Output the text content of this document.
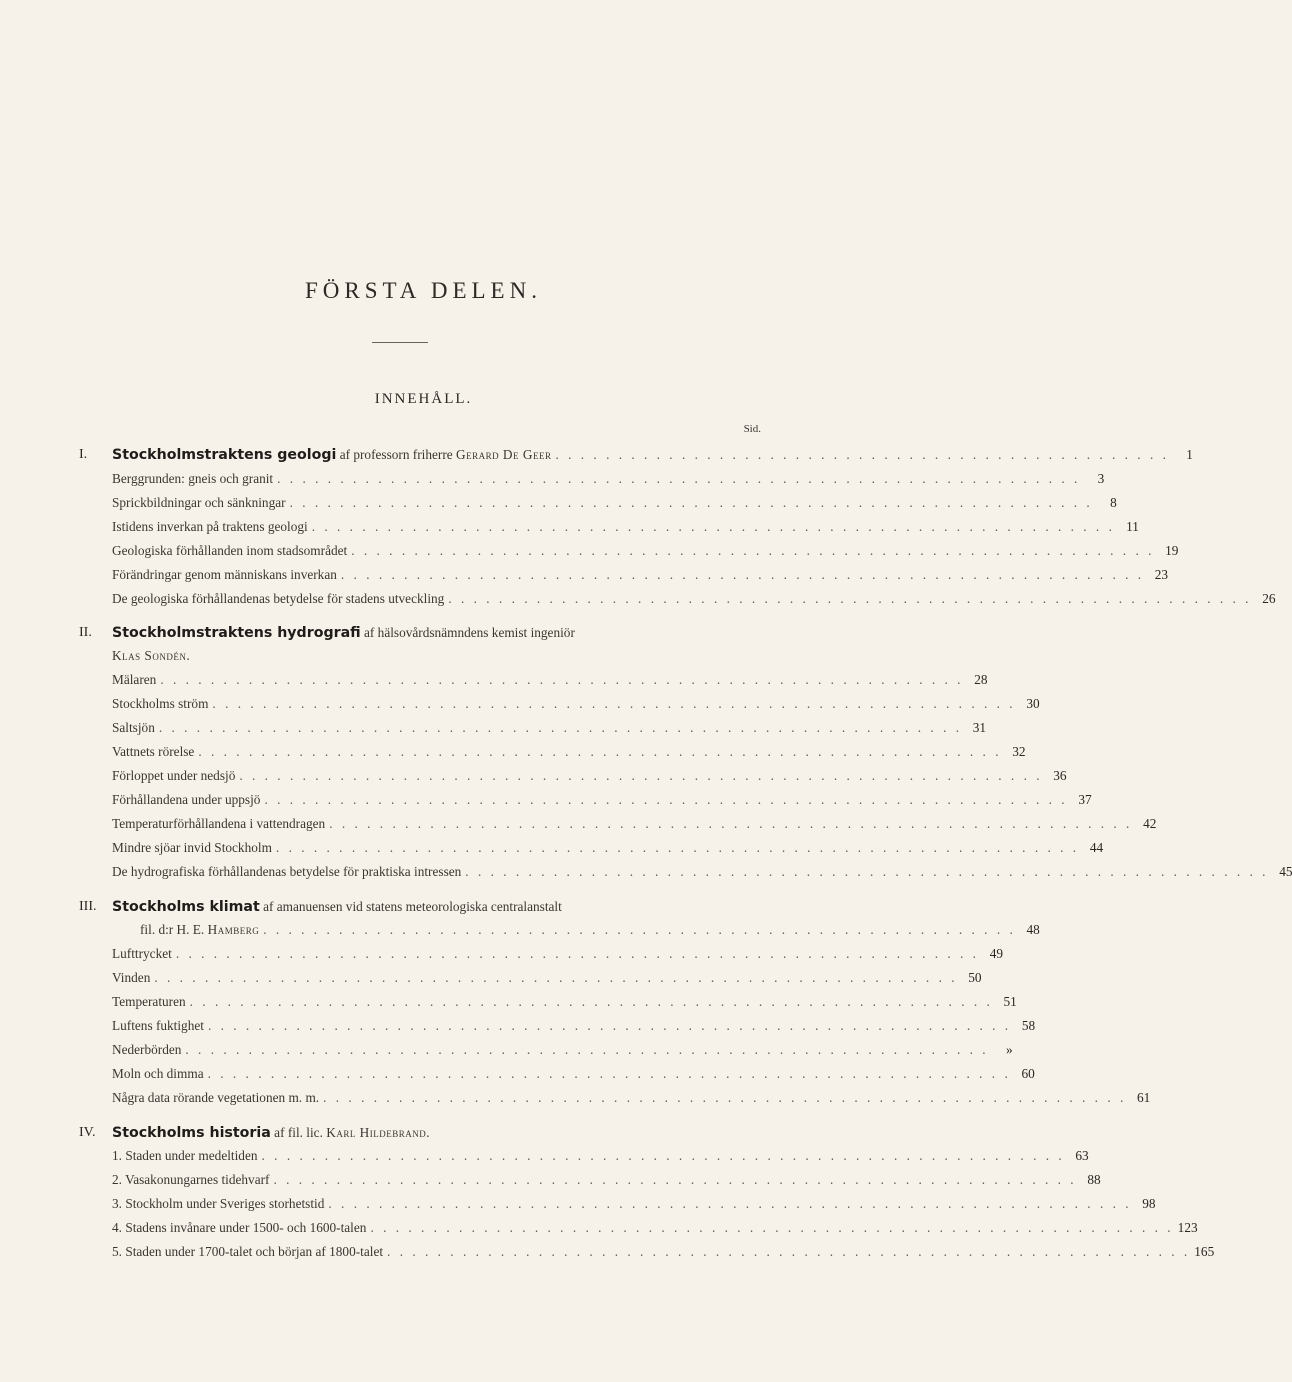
FÖRSTA DELEN.
INNEHÅLL.
Sid.
I.	Stockholmstraktens geologi af professorn friherre Gerard De Geer . . . . . . . . . . . . . . . . . . . . . . . . . . . . . . . . . . . . . . . . . . . . . . . . .	1
Berggrunden: gneis och granit . . . . . . . . . . . . . . . . . . . . . . . . . . . . . . . . . . . . . . . . . . . . . . . . . . . . . . . . . . . . . . . .	3
Sprickbildningar och sänkningar . . . . . . . . . . . . . . . . . . . . . . . . . . . . . . . . . . . . . . . . . . . . . . . . . . . . . . . . . . . . . . . .	8
Istidens inverkan på traktens geologi . . . . . . . . . . . . . . . . . . . . . . . . . . . . . . . . . . . . . . . . . . . . . . . . . . . . . . . . . . . . . . . . 11
Geologiska förhållanden inom stadsområdet . . . . . . . . . . . . . . . . . . . . . . . . . . . . . . . . . . . . . . . . . . . . . . . . . . . . . . . . . . . . . . . . 19
Förändringar genom människans inverkan . . . . . . . . . . . . . . . . . . . . . . . . . . . . . . . . . . . . . . . . . . . . . . . . . . . . . . . . . . . . . . . . 23
De geologiska förhållandenas betydelse för stadens utveckling . . . . . . . . . . . . . . . . . . . . . . . . . . . . . . . . . . . . . . . . . . . . . . . . . . . . . . . . . . . . . . . . 26
II.	Stockholmstraktens hydrografi af hälsovårdsnämndens kemist ingeniör
Klas Sondén.
Mälaren . . . . . . . . . . . . . . . . . . . . . . . . . . . . . . . . . . . . . . . . . . . . . . . . . . . . . . . . . . . . . . . . 28
Stockholms ström . . . . . . . . . . . . . . . . . . . . . . . . . . . . . . . . . . . . . . . . . . . . . . . . . . . . . . . . . . . . . . . . 30
Saltsjön . . . . . . . . . . . . . . . . . . . . . . . . . . . . . . . . . . . . . . . . . . . . . . . . . . . . . . . . . . . . . . . . 31
Vattnets rörelse . . . . . . . . . . . . . . . . . . . . . . . . . . . . . . . . . . . . . . . . . . . . . . . . . . . . . . . . . . . . . . . . 32
Förloppet under nedsjö . . . . . . . . . . . . . . . . . . . . . . . . . . . . . . . . . . . . . . . . . . . . . . . . . . . . . . . . . . . . . . . . 36
Förhållandena under uppsjö . . . . . . . . . . . . . . . . . . . . . . . . . . . . . . . . . . . . . . . . . . . . . . . . . . . . . . . . . . . . . . . . 37
Temperaturförhållandena i vattendragen . . . . . . . . . . . . . . . . . . . . . . . . . . . . . . . . . . . . . . . . . . . . . . . . . . . . . . . . . . . . . . . . 42
Mindre sjöar invid Stockholm . . . . . . . . . . . . . . . . . . . . . . . . . . . . . . . . . . . . . . . . . . . . . . . . . . . . . . . . . . . . . . . . 44
De hydrografiska förhållandenas betydelse för praktiska intressen . . . . . . . . . . . . . . . . . . . . . . . . . . . . . . . . . . . . . . . . . . . . . . . . . . . . . . . . . . . . . . . . 45
III.	Stockholms klimat af amanuensen vid statens meteorologiska centralanstalt
fil. d:r H. E. Hamberg . . . . . . . . . . . . . . . . . . . . . . . . . . . . . . . . . . . . . . . . . . . . . . . . . . . . . . . . . . . . 48
Lufttrycket . . . . . . . . . . . . . . . . . . . . . . . . . . . . . . . . . . . . . . . . . . . . . . . . . . . . . . . . . . . . . . . . 49
Vinden . . . . . . . . . . . . . . . . . . . . . . . . . . . . . . . . . . . . . . . . . . . . . . . . . . . . . . . . . . . . . . . . 50
Temperaturen . . . . . . . . . . . . . . . . . . . . . . . . . . . . . . . . . . . . . . . . . . . . . . . . . . . . . . . . . . . . . . . . 51
Luftens fuktighet . . . . . . . . . . . . . . . . . . . . . . . . . . . . . . . . . . . . . . . . . . . . . . . . . . . . . . . . . . . . . . . . 58
Nederbörden . . . . . . . . . . . . . . . . . . . . . . . . . . . . . . . . . . . . . . . . . . . . . . . . . . . . . . . . . . . . . . . .	»
Moln och dimma . . . . . . . . . . . . . . . . . . . . . . . . . . . . . . . . . . . . . . . . . . . . . . . . . . . . . . . . . . . . . . . . 60
Några data rörande vegetationen m. m. . . . . . . . . . . . . . . . . . . . . . . . . . . . . . . . . . . . . . . . . . . . . . . . . . . . . . . . . . . . . . . . . 61
IV.	Stockholms historia af fil. lic. Karl Hildebrand.
1. Staden under medeltiden . . . . . . . . . . . . . . . . . . . . . . . . . . . . . . . . . . . . . . . . . . . . . . . . . . . . . . . . . . . . . . . . 63
2. Vasakonungarnes tidehvarf . . . . . . . . . . . . . . . . . . . . . . . . . . . . . . . . . . . . . . . . . . . . . . . . . . . . . . . . . . . . . . . . 88
3. Stockholm under Sveriges storhetstid . . . . . . . . . . . . . . . . . . . . . . . . . . . . . . . . . . . . . . . . . . . . . . . . . . . . . . . . . . . . . . . . 98
4. Stadens invånare under 1500- och 1600-talen . . . . . . . . . . . . . . . . . . . . . . . . . . . . . . . . . . . . . . . . . . . . . . . . . . . . . . . . . . . . . . . . 123
5. Staden under 1700-talet och början af 1800-talet . . . . . . . . . . . . . . . . . . . . . . . . . . . . . . . . . . . . . . . . . . . . . . . . . . . . . . . . . . . . . . . . 165
